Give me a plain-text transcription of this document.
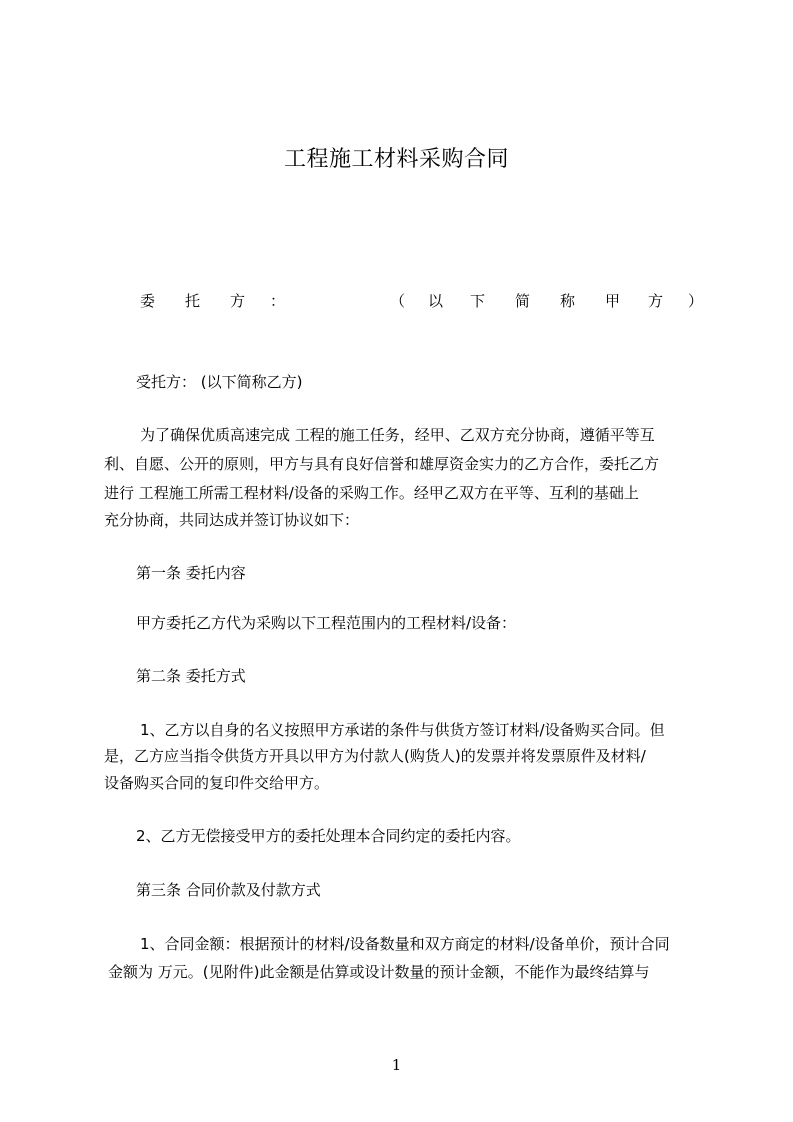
工程施工材料采购合同
委 托 方 ：	（ 以 下 简 称 甲 方 ）
受托方： (以下简称乙方)
为了确保优质高速完成 工程的施工任务，经甲、乙双方充分协商，遵循平等互
利、自愿、公开的原则，甲方与具有良好信誉和雄厚资金实力的乙方合作，委托乙方
进行 工程施工所需工程材料/设备的采购工作。经甲乙双方在平等、互利的基础上
充分协商，共同达成并签订协议如下：
第一条 委托内容
甲方委托乙方代为采购以下工程范围内的工程材料/设备：
第二条 委托方式
1、乙方以自身的名义按照甲方承诺的条件与供货方签订材料/设备购买合同。但
是，乙方应当指令供货方开具以甲方为付款人(购货人)的发票并将发票原件及材料/
设备购买合同的复印件交给甲方。
2、乙方无偿接受甲方的委托处理本合同约定的委托内容。
第三条 合同价款及付款方式
1、合同金额：根据预计的材料/设备数量和双方商定的材料/设备单价，预计合同
金额为 万元。(见附件)此金额是估算或设计数量的预计金额，不能作为最终结算与
1
